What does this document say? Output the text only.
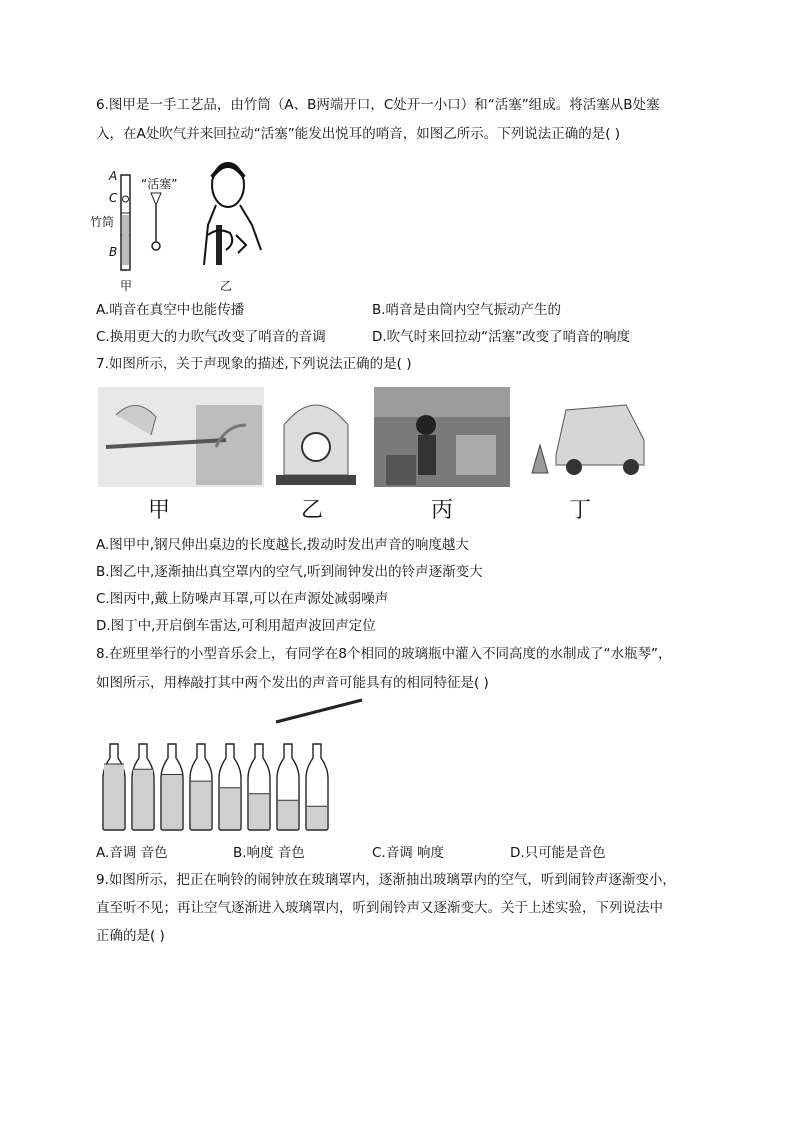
6.图甲是一手工艺品，由竹筒（A、B两端开口，C处开一小口）和“活塞”组成。将活塞从B处塞
入，在A处吹气并来回拉动“活塞”能发出悦耳的哨音，如图乙所示。下列说法正确的是( )
A
C
竹筒
B
“活塞”
甲	乙
A.哨音在真空中也能传播	B.哨音是由筒内空气振动产生的
C.换用更大的力吹气改变了哨音的音调	D.吹气时来回拉动“活塞”改变了哨音的响度
7.如图所示，关于声现象的描述,下列说法正确的是( )
甲	乙	丙	丁
A.图甲中,钢尺伸出桌边的长度越长,拨动时发出声音的响度越大
B.图乙中,逐渐抽出真空罩内的空气,听到闹钟发出的铃声逐渐变大
C.图丙中,戴上防噪声耳罩,可以在声源处减弱噪声
D.图丁中,开启倒车雷达,可利用超声波回声定位
8.在班里举行的小型音乐会上，有同学在8个相同的玻璃瓶中灌入不同高度的水制成了“水瓶琴”，
如图所示，用棒敲打其中两个发出的声音可能具有的相同特征是( )
A.音调 音色	B.响度 音色	C.音调 响度	D.只可能是音色
9.如图所示，把正在响铃的闹钟放在玻璃罩内，逐渐抽出玻璃罩内的空气，听到闹铃声逐渐变小，
直至听不见；再让空气逐渐进入玻璃罩内，听到闹铃声又逐渐变大。关于上述实验，下列说法中
正确的是( )
